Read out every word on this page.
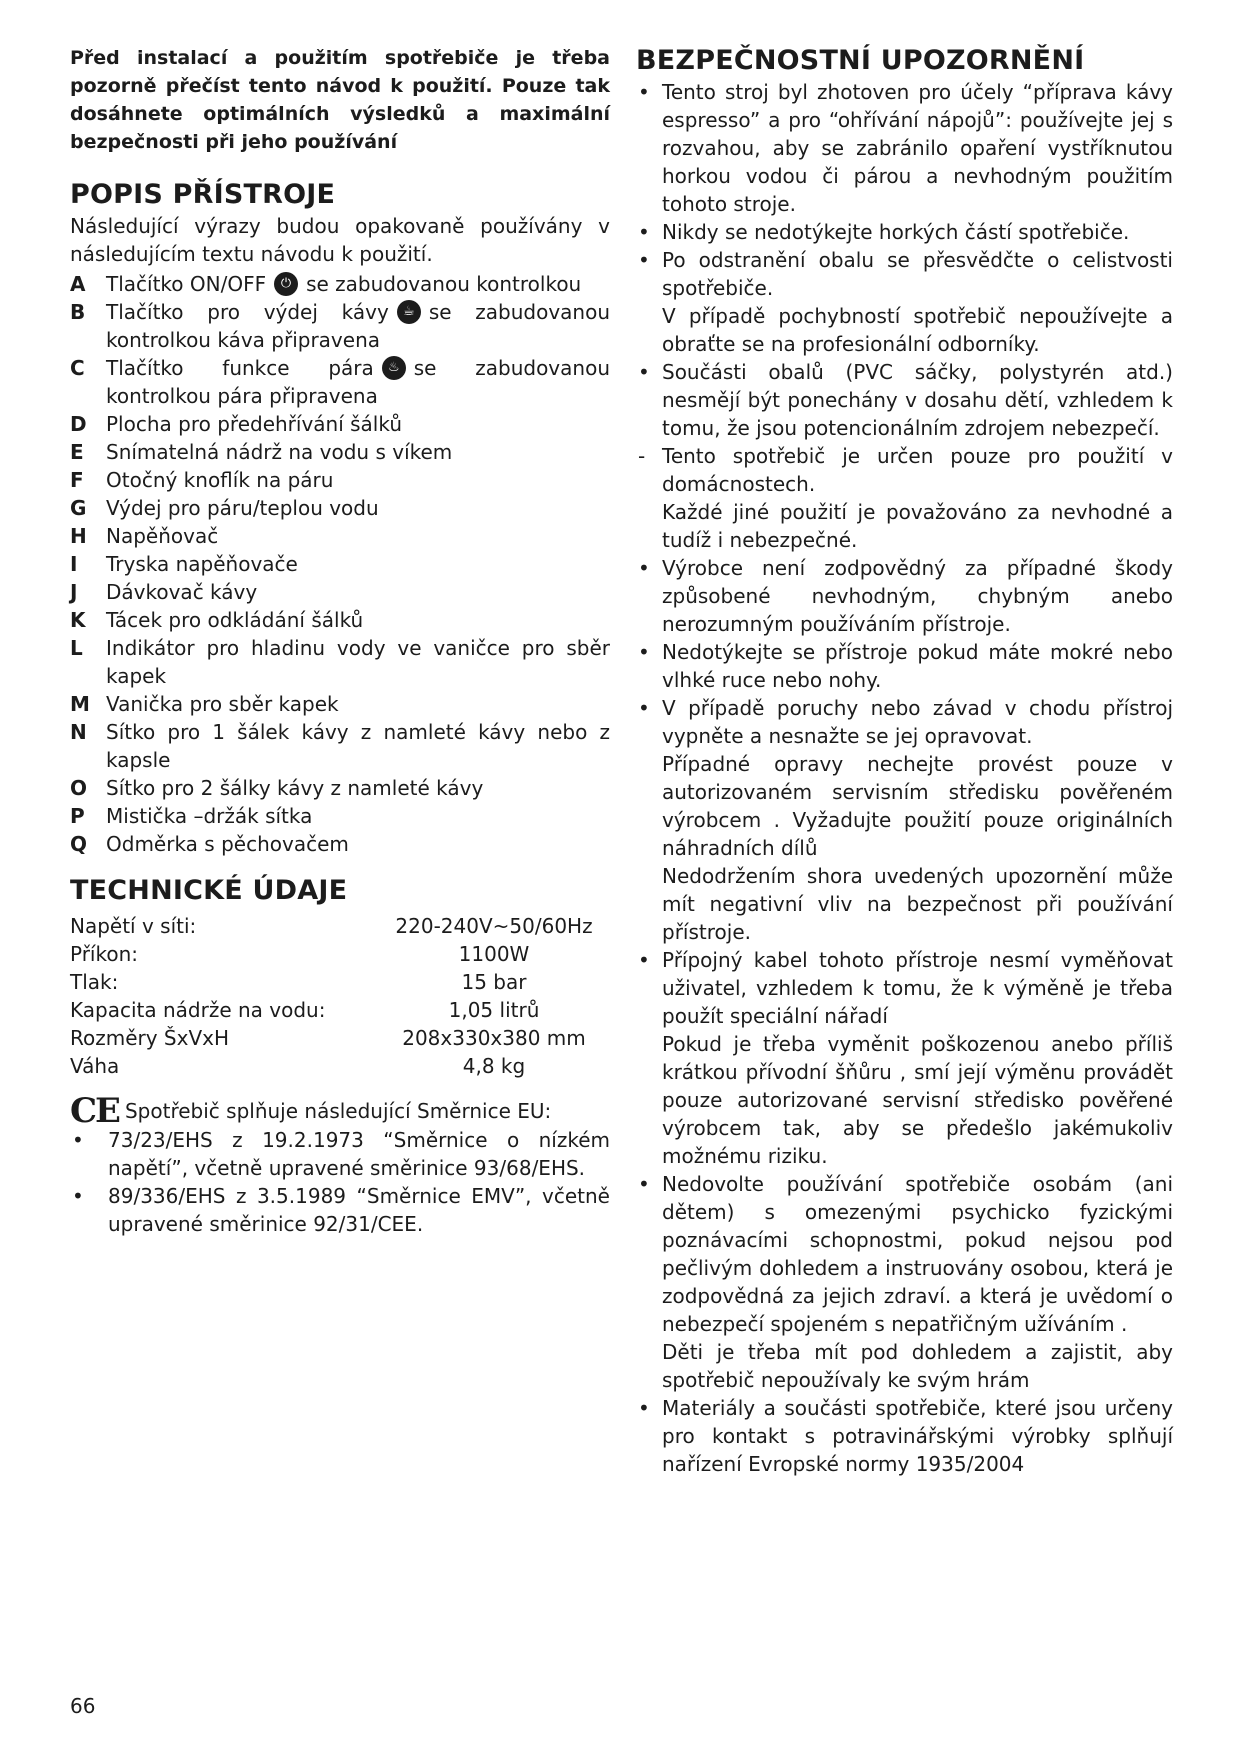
Před instalací a použitím spotřebiče je třeba pozorně přečíst tento návod k použití. Pouze tak dosáhnete optimálních výsledků a maximální bezpečnosti při jeho používání

POPIS PŘÍSTROJE

Následující výrazy budou opakovaně používány v následujícím textu návodu k použití.

A	Tlačítko ON/OFF ⏻ se zabudovanou kontrolkou
B	Tlačítko pro výdej kávy ☕ se zabudovanou kontrolkou káva připravena
C	Tlačítko funkce pára ♨ se zabudovanou kontrolkou pára připravena
D Plocha pro předehřívání šálků
E	Snímatelná nádrž na vodu s víkem
F	Otočný knoflík na páru
G Výdej pro páru/teplou vodu
H Napěňovač
I	Tryska napěňovače
J	Dávkovač kávy
K	Tácek pro odkládání šálků
L	Indikátor pro hladinu vody ve vaničce pro sběr kapek
M Vanička pro sběr kapek
N Sítko pro 1 šálek kávy z namleté kávy nebo z kapsle
O Sítko pro 2 šálky kávy z namleté kávy
P	Mistička –držák sítka
Q Odměrka s pěchovačem
TECHNICKÉ ÚDAJE
Napětí v síti:	220-240V~50/60Hz
Příkon:	1100W
Tlak:	15 bar
Kapacita nádrže na vodu:	1,05 litrů
Rozměry ŠxVxH	208x330x380 mm
Váha	4,8 kg
CE Spotřebič splňuje následující Směrnice EU:
•	73/23/EHS z 19.2.1973 “Směrnice o nízkém napětí”, včetně upravené směrinice 93/68/EHS.
•	89/336/EHS z 3.5.1989 “Směrnice EMV”, včetně upravené směrinice 92/31/CEE.
BEZPEČNOSTNÍ UPOZORNĚNÍ
• Tento stroj byl zhotoven pro účely “příprava kávy espresso” a pro “ohřívání nápojů”: používejte jej s rozvahou, aby se zabránilo opaření vystříknutou horkou vodou či párou a nevhodným použitím tohoto stroje.

• Nikdy se nedotýkejte horkých částí spotřebiče.

• Po odstranění obalu se přesvědčte o celistvosti spotřebiče.

V případě pochybností spotřebič nepoužívejte a obraťte se na profesionální odborníky.

• Součásti obalů (PVC sáčky, polystyrén atd.) nesmějí být ponechány v dosahu dětí, vzhledem k tomu, že jsou potencionálním zdrojem nebezpečí.

- Tento spotřebič je určen pouze pro použití v domácnostech.

Každé jiné použití je považováno za nevhodné a tudíž i nebezpečné.

• Výrobce není zodpovědný za případné škody způsobené nevhodným, chybným anebo nerozumným používáním přístroje.

• Nedotýkejte se přístroje pokud máte mokré nebo vlhké ruce nebo nohy.

• V případě poruchy nebo závad v chodu přístroj vypněte a nesnažte se jej opravovat.

Případné opravy nechejte provést pouze v autorizovaném servisním středisku pověřeném výrobcem . Vyžadujte použití pouze originálních náhradních dílů

Nedodržením shora uvedených upozornění může mít negativní vliv na bezpečnost při používání přístroje.

• Přípojný kabel tohoto přístroje nesmí vyměňovat uživatel, vzhledem k tomu, že k výměně je třeba použít speciální nářadí

Pokud je třeba vyměnit poškozenou anebo příliš krátkou přívodní šňůru , smí její výměnu provádět pouze autorizované servisní středisko pověřené výrobcem tak, aby se předešlo jakémukoliv možnému riziku.

• Nedovolte používání spotřebiče osobám (ani dětem) s omezenými psychicko fyzickými poznávacími schopnostmi, pokud nejsou pod pečlivým dohledem a instruovány osobou, která je zodpovědná za jejich zdraví. a která je uvědomí o nebezpečí spojeném s nepatřičným užíváním .

Děti je třeba mít pod dohledem a zajistit, aby spotřebič nepoužívaly ke svým hrám

• Materiály a součásti spotřebiče, které jsou určeny pro kontakt s potravinářskými výrobky splňují nařízení Evropské normy 1935/2004

66
